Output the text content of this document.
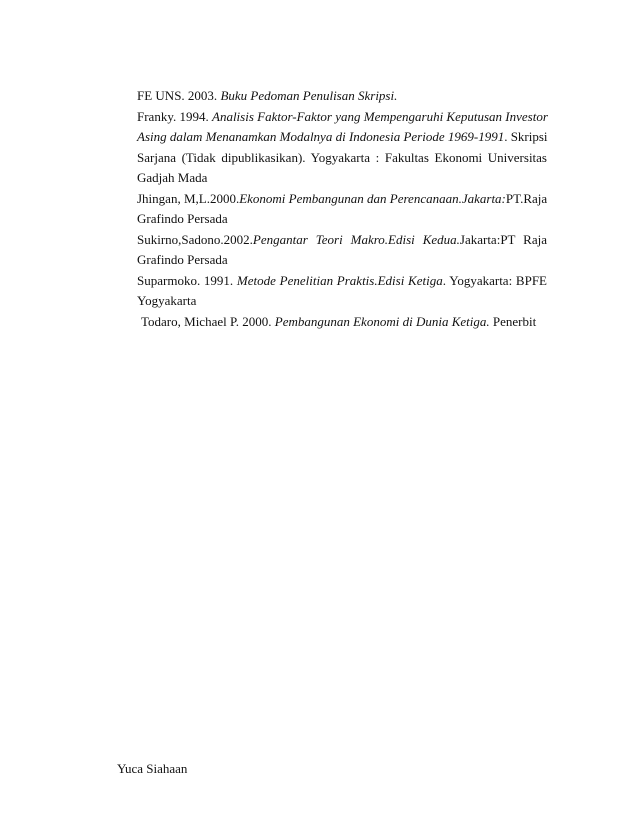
FE UNS. 2003. Buku Pedoman Penulisan Skripsi.
Franky. 1994. Analisis Faktor-Faktor yang Mempengaruhi Keputusan Investor
Asing dalam Menanamkan Modalnya di Indonesia Periode 1969-1991. Skripsi
Sarjana (Tidak dipublikasikan). Yogyakarta : Fakultas Ekonomi Universitas
Gadjah Mada
Jhingan, M,L.2000.Ekonomi Pembangunan dan Perencanaan.Jakarta:PT.Raja
Grafindo Persada
Sukirno,Sadono.2002.Pengantar Teori Makro.Edisi Kedua.Jakarta:PT Raja
Grafindo Persada
Suparmoko. 1991. Metode Penelitian Praktis.Edisi Ketiga. Yogyakarta: BPFE
Yogyakarta
Todaro, Michael P. 2000. Pembangunan Ekonomi di Dunia Ketiga. Penerbit
Yuca Siahaan
